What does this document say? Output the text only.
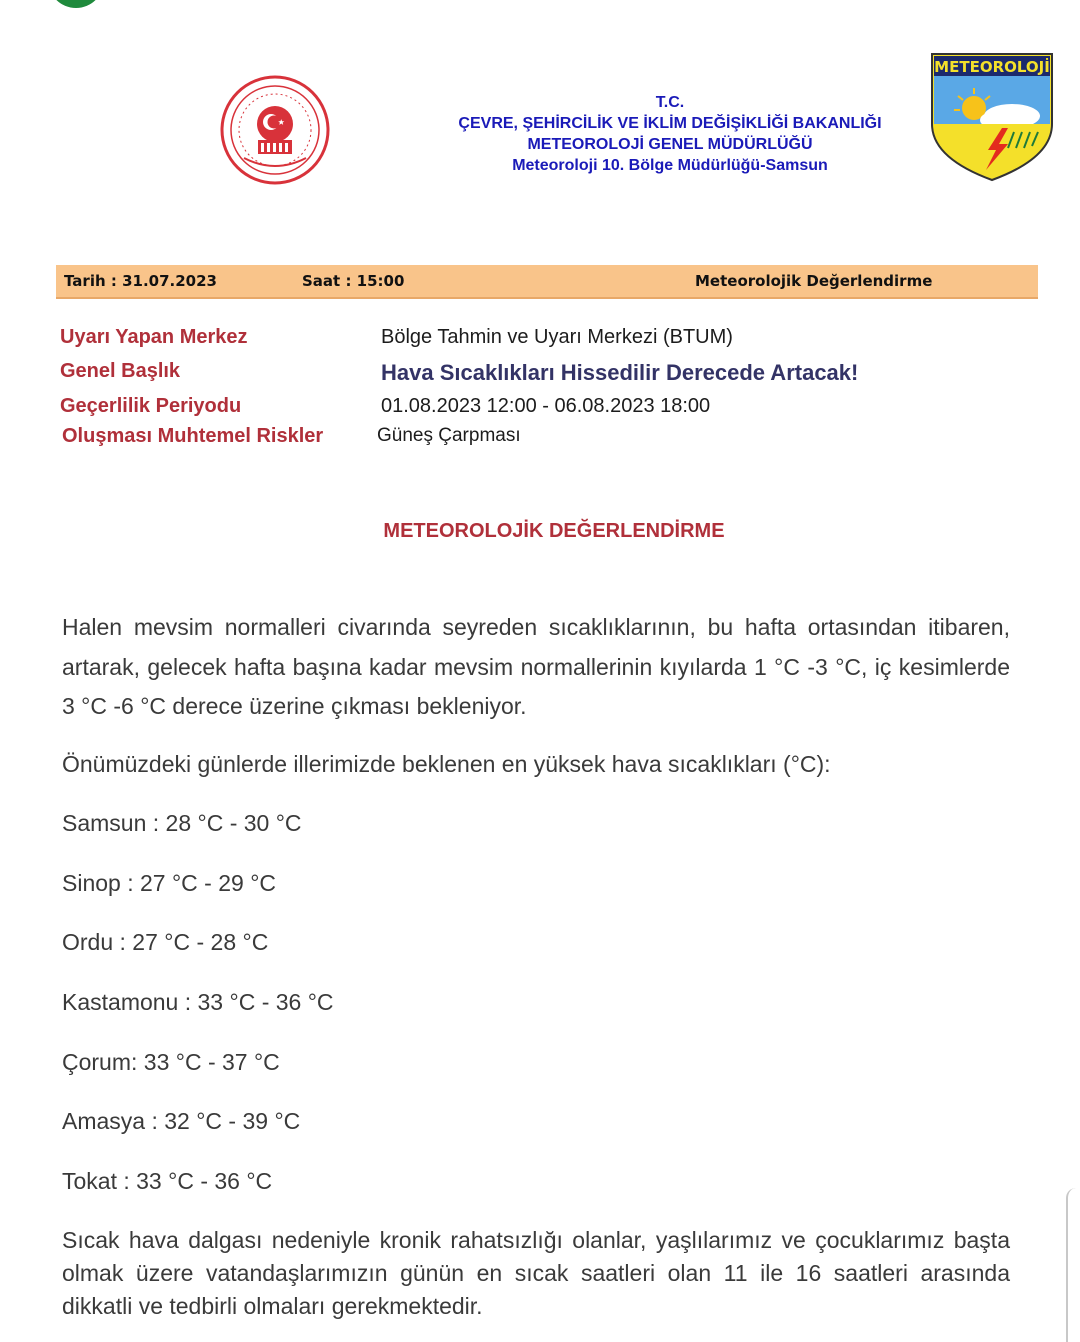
T.C.
ÇEVRE, ŞEHİRCİLİK VE İKLİM DEĞİŞİKLİĞİ BAKANLIĞI
METEOROLOJİ GENEL MÜDÜRLÜĞÜ
Meteoroloji 10. Bölge Müdürlüğü-Samsun
METEOROLOJİ
Tarih : 31.07.2023	Saat : 15:00	Meteorolojik Değerlendirme
Uyarı Yapan Merkez	Bölge Tahmin ve Uyarı Merkezi (BTUM)
Genel Başlık	Hava Sıcaklıkları Hissedilir Derecede Artacak!
Geçerlilik Periyodu	01.08.2023 12:00 - 06.08.2023 18:00
Oluşması Muhtemel Riskler	Güneş Çarpması
METEOROLOJİK DEĞERLENDİRME
Halen mevsim normalleri civarında seyreden sıcaklıklarının, bu hafta ortasından itibaren, artarak, gelecek hafta başına kadar mevsim normallerinin kıyılarda 1 °C -3 °C, iç kesimlerde 3 °C -6 °C derece üzerine çıkması bekleniyor.
Önümüzdeki günlerde illerimizde beklenen en yüksek hava sıcaklıkları (°C):
Samsun : 28 °C - 30 °C
Sinop : 27 °C - 29 °C
Ordu : 27 °C - 28 °C
Kastamonu : 33 °C - 36 °C
Çorum: 33 °C - 37 °C
Amasya : 32 °C - 39 °C
Tokat : 33 °C - 36 °C
Sıcak hava dalgası nedeniyle kronik rahatsızlığı olanlar, yaşlılarımız ve çocuklarımız başta olmak üzere vatandaşlarımızın günün en sıcak saatleri olan 11 ile 16 saatleri arasında dikkatli ve tedbirli olmaları gerekmektedir.
